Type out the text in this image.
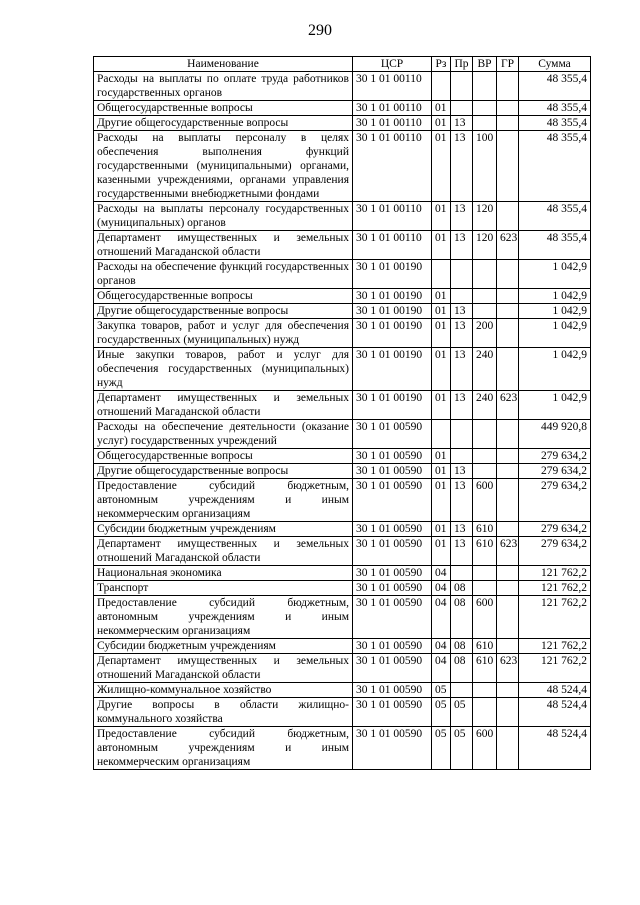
290
Наименование	ЦСР	Рз	Пр	ВР	ГР	Сумма
Расходы на выплаты по оплате труда работников государственных органов	30 1 01 00110					48 355,4
Общегосударственные вопросы	30 1 01 00110	01				48 355,4
Другие общегосударственные вопросы	30 1 01 00110	01	13			48 355,4
Расходы на выплаты персоналу в целях обеспечения выполнения функций государственными (муниципальными) органами, казенными учреждениями, органами управления государственными внебюджетными фондами	30 1 01 00110	01	13	100		48 355,4
Расходы на выплаты персоналу государственных (муниципальных) органов	30 1 01 00110	01	13	120		48 355,4
Департамент имущественных и земельных отношений Магаданской области	30 1 01 00110	01	13	120	623	48 355,4
Расходы на обеспечение функций государственных органов	30 1 01 00190					1 042,9
Общегосударственные вопросы	30 1 01 00190	01				1 042,9
Другие общегосударственные вопросы	30 1 01 00190	01	13			1 042,9
Закупка товаров, работ и услуг для обеспечения государственных (муниципальных) нужд	30 1 01 00190	01	13	200		1 042,9
Иные закупки товаров, работ и услуг для обеспечения государственных (муниципальных) нужд	30 1 01 00190	01	13	240		1 042,9
Департамент имущественных и земельных отношений Магаданской области	30 1 01 00190	01	13	240	623	1 042,9
Расходы на обеспечение деятельности (оказание услуг) государственных учреждений	30 1 01 00590					449 920,8
Общегосударственные вопросы	30 1 01 00590	01				279 634,2
Другие общегосударственные вопросы	30 1 01 00590	01	13			279 634,2
Предоставление субсидий бюджетным, автономным учреждениям и иным некоммерческим организациям	30 1 01 00590	01	13	600		279 634,2
Субсидии бюджетным учреждениям	30 1 01 00590	01	13	610		279 634,2
Департамент имущественных и земельных отношений Магаданской области	30 1 01 00590	01	13	610	623	279 634,2
Национальная экономика	30 1 01 00590	04				121 762,2
Транспорт	30 1 01 00590	04	08			121 762,2
Предоставление субсидий бюджетным, автономным учреждениям и иным некоммерческим организациям	30 1 01 00590	04	08	600		121 762,2
Субсидии бюджетным учреждениям	30 1 01 00590	04	08	610		121 762,2
Департамент имущественных и земельных отношений Магаданской области	30 1 01 00590	04	08	610	623	121 762,2
Жилищно-коммунальное хозяйство	30 1 01 00590	05				48 524,4
Другие вопросы в области жилищно-коммунального хозяйства	30 1 01 00590	05	05			48 524,4
Предоставление субсидий бюджетным, автономным учреждениям и иным некоммерческим организациям	30 1 01 00590	05	05	600		48 524,4
